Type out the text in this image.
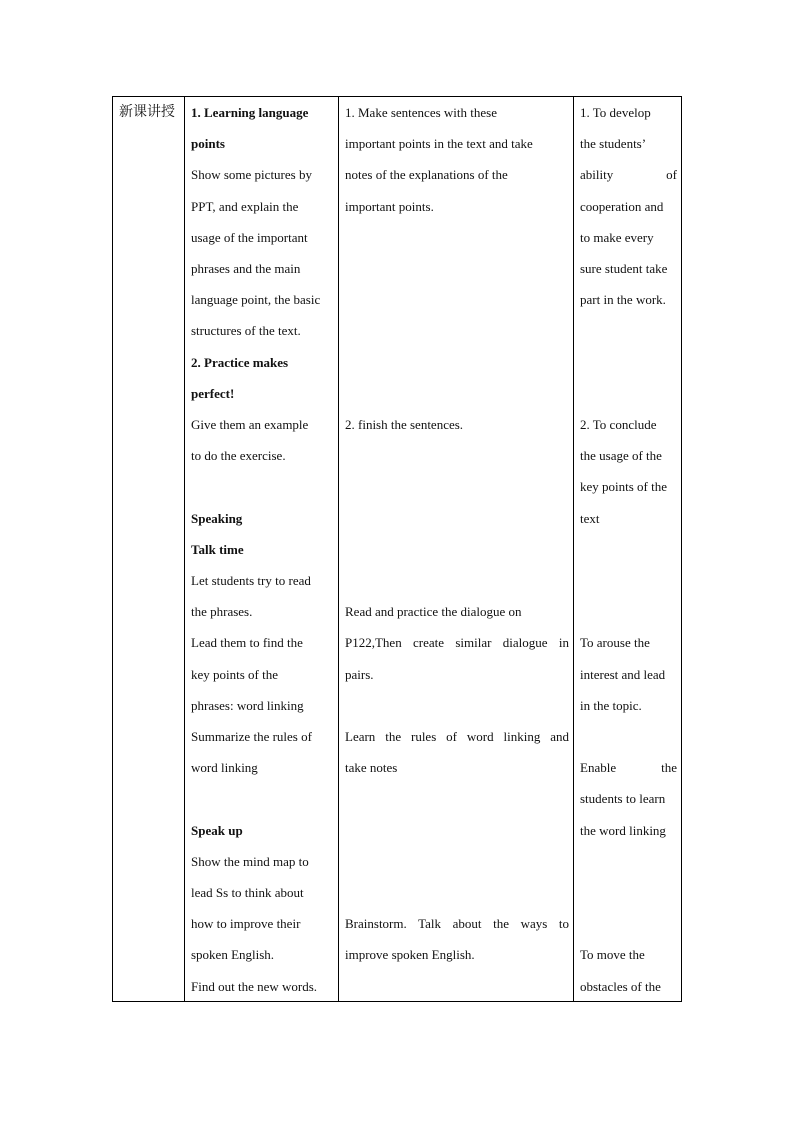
新课讲授	1. Learning language
points
Show some pictures by
PPT, and explain the
usage of the important
phrases and the main
language point, the basic
structures of the text.
2. Practice makes
perfect!
Give them an example
to do the exercise.
Speaking
Talk time
Let students try to read
the phrases.
Lead them to find the
key points of the
phrases: word linking
Summarize the rules of
word linking
Speak up
Show the mind map to
lead Ss to think about
how to improve their
spoken English.
Find out the new words.
1. Make sentences with these
important points in the text and take
notes of the explanations of the
important points.
2. finish the sentences.
Read and practice the dialogue on
P122,Then create similar dialogue in
pairs.
Learn the rules of word linking and
take notes
Brainstorm. Talk about the ways to
improve spoken English.
1. To develop
the students’
ability of
cooperation and
to make every
sure student take
part in the work.
2. To conclude
the usage of the
key points of the
text
To arouse the
interest and lead
in the topic.
Enable the
students to learn
the word linking
To move the
obstacles of the
